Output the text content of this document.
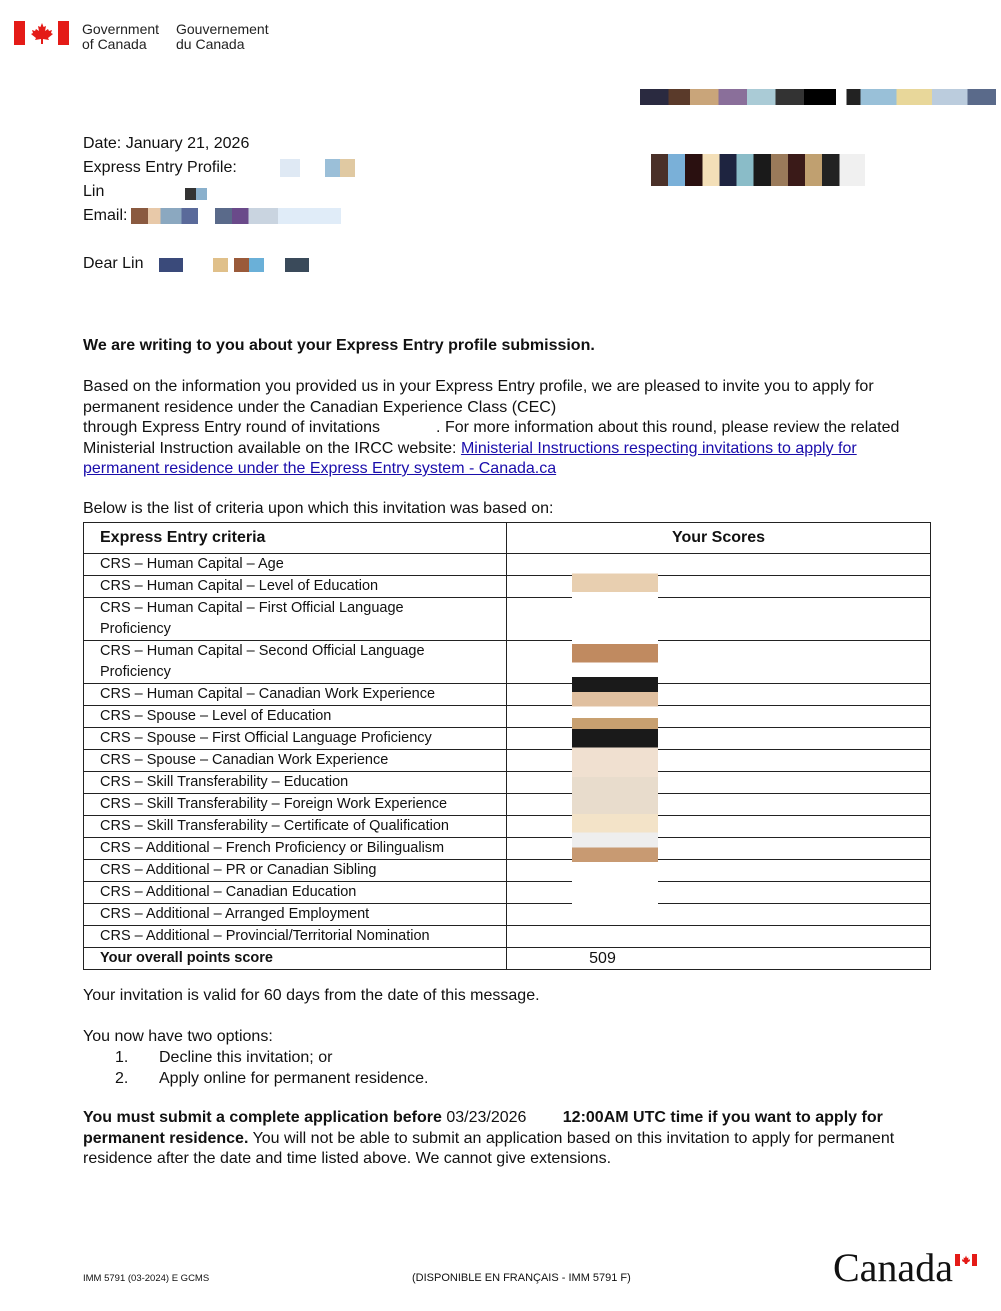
Government
of Canada
Gouvernement
du Canada
Date: January 21, 2026
Express Entry Profile:
Lin
Email:
Dear Lin
We are writing to you about your Express Entry profile submission.
Based on the information you provided us in your Express Entry profile, we are pleased to invite you to apply for
permanent residence under the Canadian Experience Class (CEC)
through Express Entry round of invitations	. For more information about this round, please review the related
Ministerial Instruction available on the IRCC website: Ministerial Instructions respecting invitations to apply for
permanent residence under the Express Entry system - Canada.ca
Below is the list of criteria upon which this invitation was based on:
Express Entry criteria	Your Scores

CRS – Human Capital – Age	

CRS – Human Capital – Level of Education	

CRS – Human Capital – First Official Language
Proficiency	

CRS – Human Capital – Second Official Language
Proficiency	

CRS – Human Capital – Canadian Work Experience	

CRS – Spouse – Level of Education	

CRS – Spouse – First Official Language Proficiency	

CRS – Spouse – Canadian Work Experience	

CRS – Skill Transferability – Education	

CRS – Skill Transferability – Foreign Work Experience	

CRS – Skill Transferability – Certificate of Qualification	

CRS – Additional – French Proficiency or Bilingualism	

CRS – Additional – PR or Canadian Sibling	

CRS – Additional – Canadian Education	

CRS – Additional – Arranged Employment	

CRS – Additional – Provincial/Territorial Nomination	

Your overall points score	509
Your invitation is valid for 60 days from the date of this message.
You now have two options:
1. Decline this invitation; or
2. Apply online for permanent residence.
You must submit a complete application before 03/23/2026 12:00AM UTC time if you want to apply for
permanent residence. You will not be able to submit an application based on this invitation to apply for permanent
residence after the date and time listed above. We cannot give extensions.
IMM 5791 (03-2024) E GCMS	(DISPONIBLE EN FRANÇAIS - IMM 5791 F)	Canada
